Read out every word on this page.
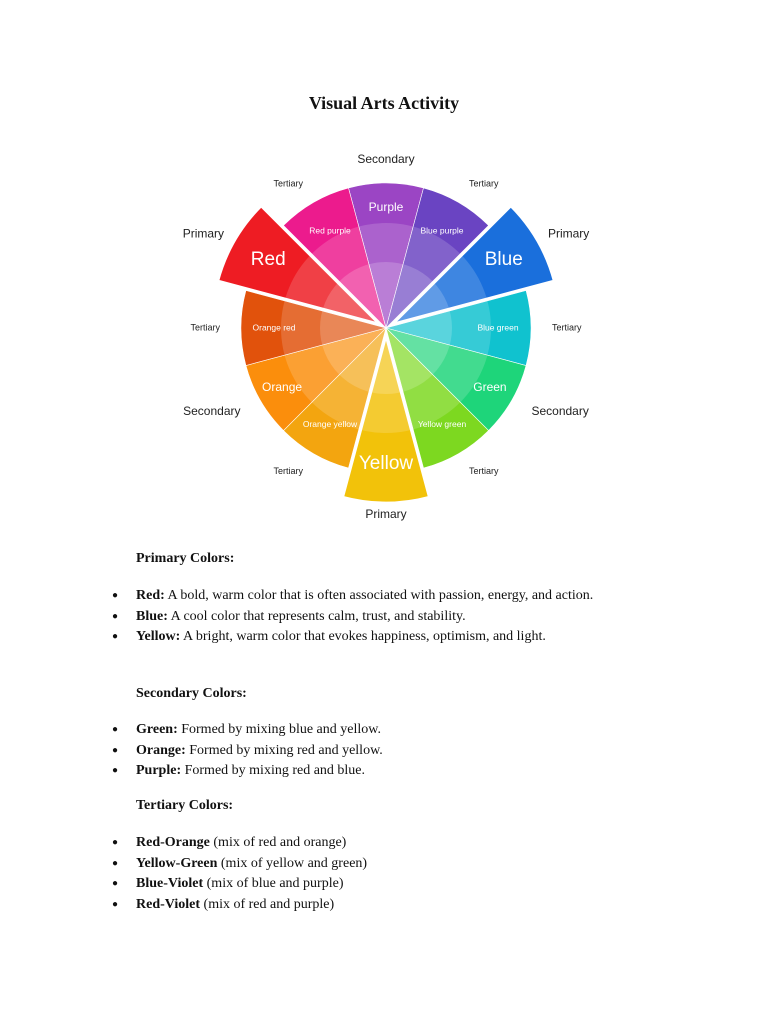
Visual Arts Activity
Purple
Blue purple
Blue
Blue green
Green
Yellow green
Yellow
Orange yellow
Orange
Orange red
Red
Red purple
Secondary
Tertiary
Primary
Tertiary
Secondary
Tertiary
Primary
Tertiary
Secondary
Tertiary
Primary
Tertiary
Primary Colors:
● Red: A bold, warm color that is often associated with passion, energy, and action.
● Blue: A cool color that represents calm, trust, and stability.
● Yellow: A bright, warm color that evokes happiness, optimism, and light.
Secondary Colors:
● Green: Formed by mixing blue and yellow.
● Orange: Formed by mixing red and yellow.
● Purple: Formed by mixing red and blue.
Tertiary Colors:
● Red-Orange (mix of red and orange)
● Yellow-Green (mix of yellow and green)
● Blue-Violet (mix of blue and purple)
● Red-Violet (mix of red and purple)
